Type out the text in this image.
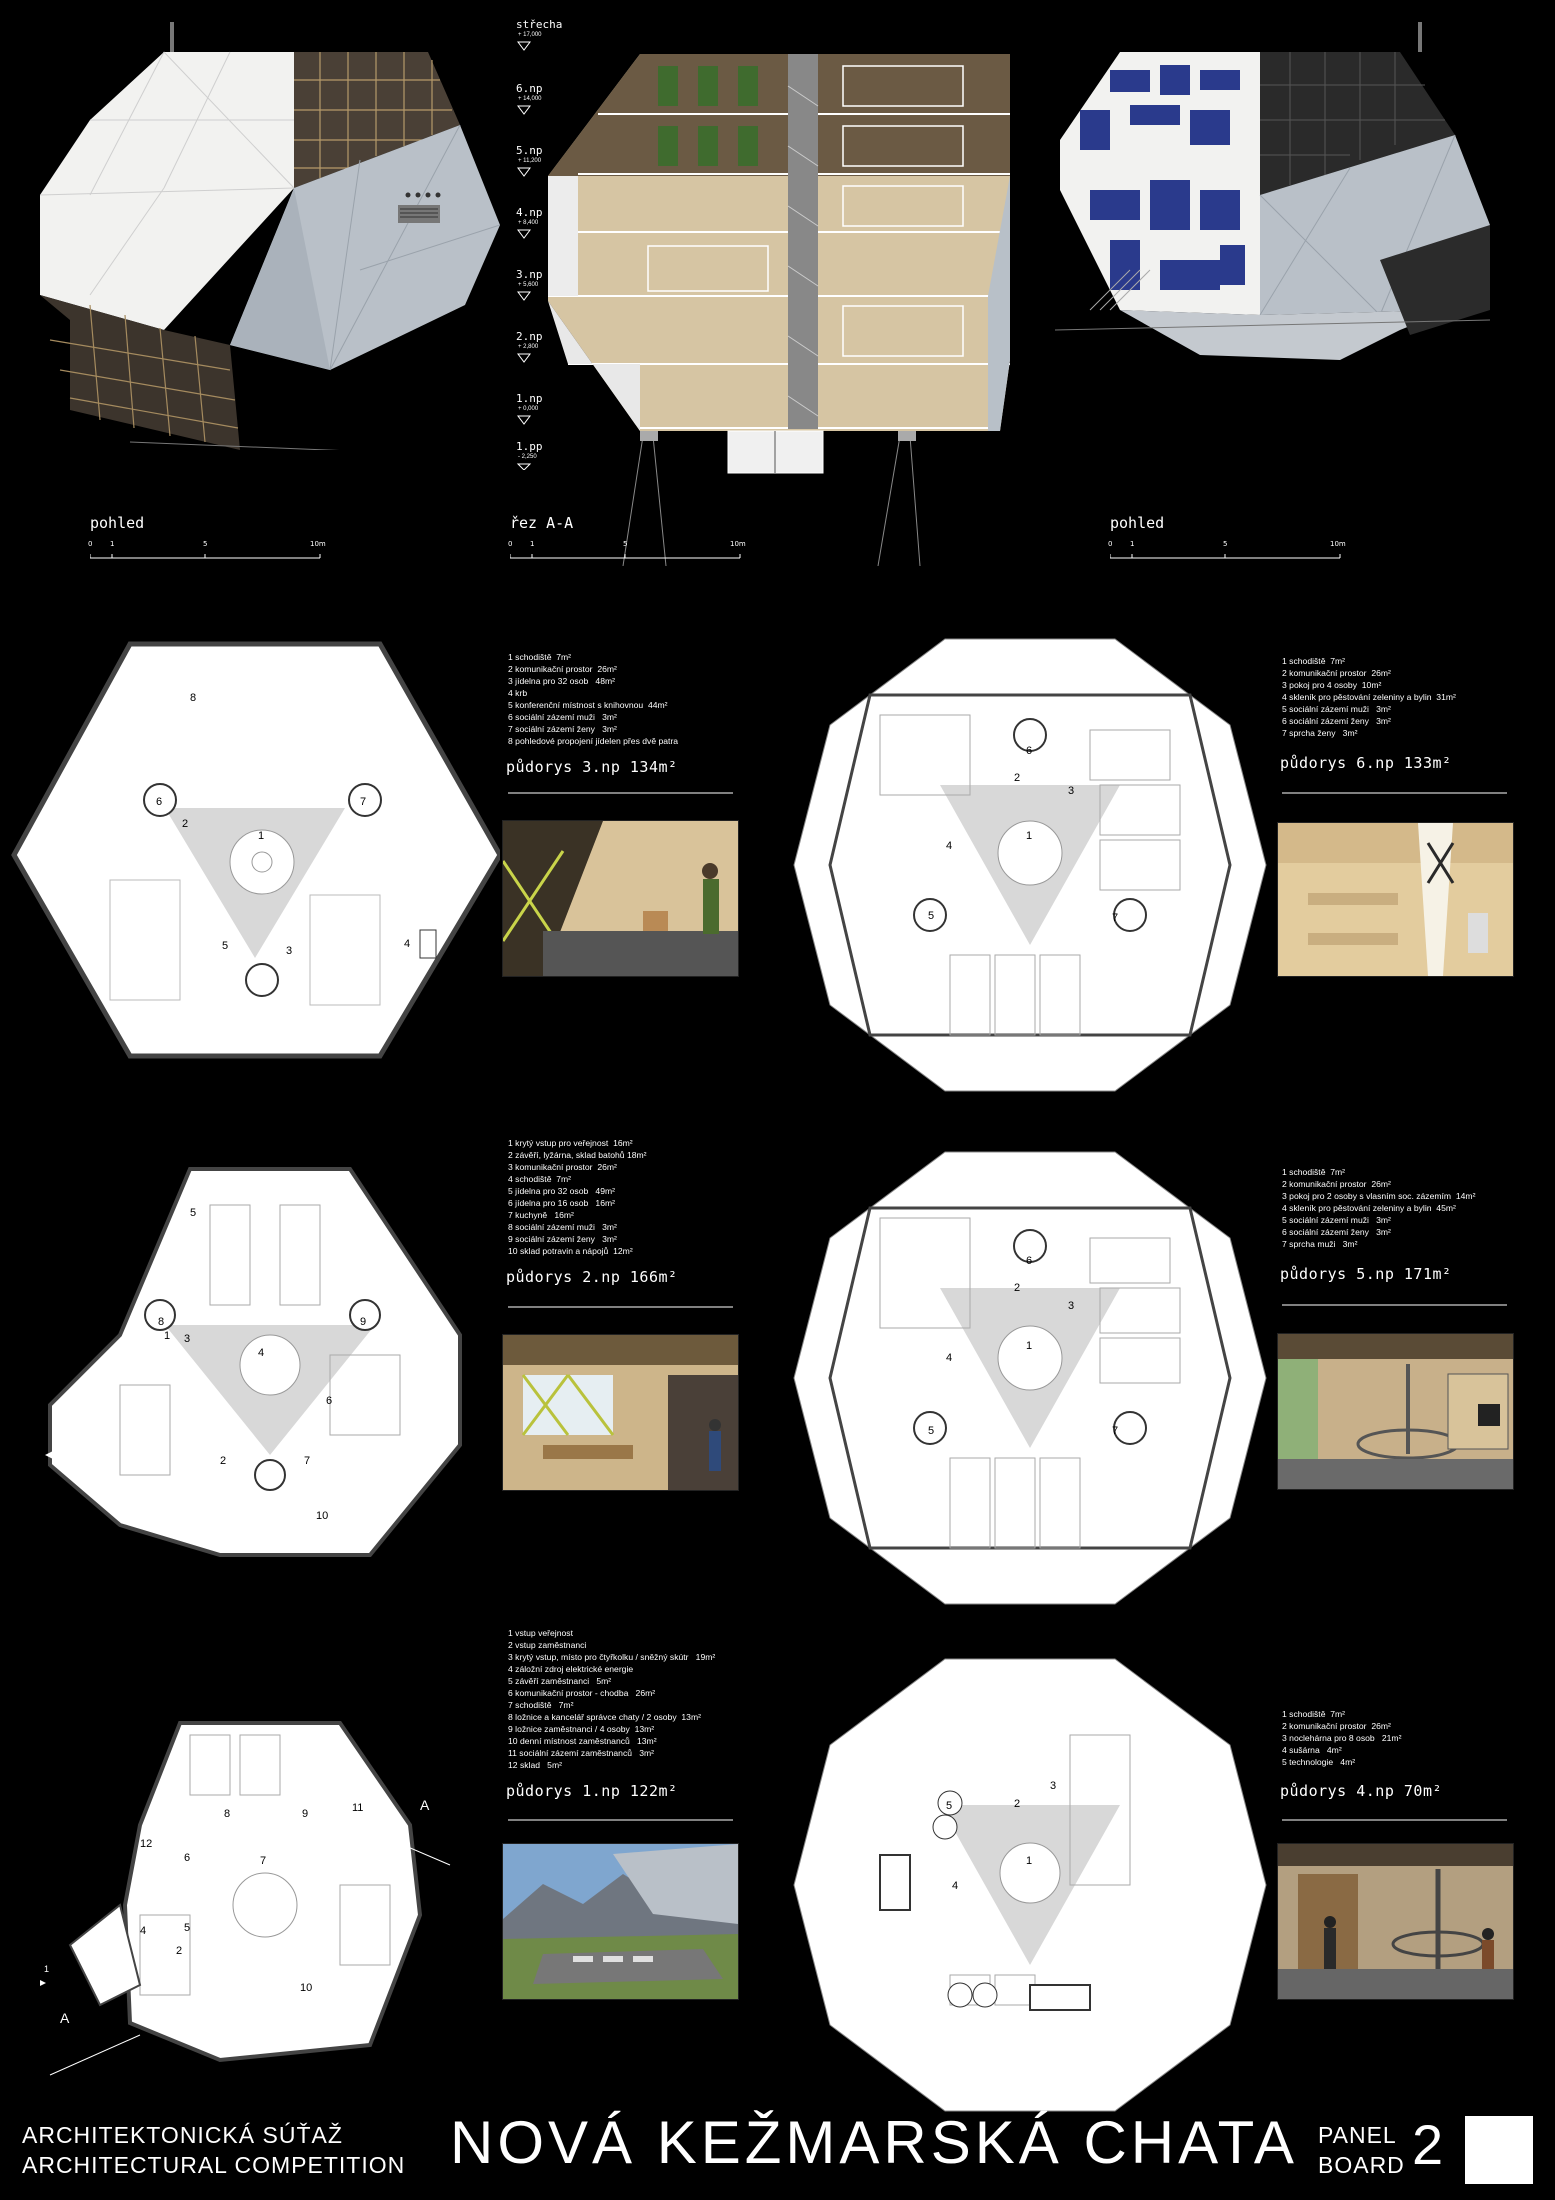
střecha
+ 17,000
6.np
+ 14,000
5.np
+ 11,200
4.np
+ 8,400
3.np
+ 5,600
2.np
+ 2,800
1.np
+ 0,000
1.pp
- 2,250
pohled	řez A-A	pohled
0	1	5	10m	0	1	5	10m	0	1	5	10m
1
2
3
4
5
6	7
8
1 schodiště  7m²
2 komunikační prostor  26m²
3 jídelna pro 32 osob   48m²
4 krb
5 konferenční místnost s knihovnou  44m²
6 sociální zázemí muži   3m²
7 sociální zázemí ženy   3m²
8 pohledové propojení jídelen přes dvě patra
půdorys 3.np 134m²
1
2
3
4
5
6
7
1 schodiště  7m²
2 komunikační prostor  26m²
3 pokoj pro 4 osoby  10m²
4 skleník pro pěstování zeleniny a bylin  31m²
5 sociální zázemí muži   3m²
6 sociální zázemí ženy   3m²
7 sprcha ženy   3m²
půdorys 6.np 133m²
1
2
3
4
5
6
7
8	9
10
1 krytý vstup pro veřejnost  16m²
2 závěří, lyžárna, sklad batohů 18m²
3 komunikační prostor  26m²
4 schodiště  7m²
5 jídelna pro 32 osob   49m²
6 jídelna pro 16 osob   16m²
7 kuchyně   16m²
8 sociální zázemí muži   3m²
9 sociální zázemí ženy   3m²
10 sklad potravin a nápojů  12m²
půdorys 2.np 166m²
1
2
3
4
5
6
7
1 schodiště  7m²
2 komunikační prostor  26m²
3 pokoj pro 2 osoby s vlasním soc. zázemím  14m²
4 skleník pro pěstování zeleniny a bylin  45m²
5 sociální zázemí muži   3m²
6 sociální zázemí ženy   3m²
7 sprcha muži   3m²
půdorys 5.np 171m²
1
2
3
4	5
6	7
8	9
10
11
12
A
A
1 vstup veřejnost
2 vstup zaměstnanci
3 krytý vstup, místo pro čtyřkolku / sněžný skútr   19m²
4 záložní zdroj elektrické energie
5 závěří zaměstnanci   5m²
6 komunikační prostor - chodba   26m²
7 schodiště   7m²
8 ložnice a kancelář správce chaty / 2 osoby  13m²
9 ložnice zaměstnanci / 4 osoby  13m²
10 denní místnost zaměstnanců   13m²
11 sociální zázemí zaměstnanců   3m²
12 sklad   5m²
půdorys 1.np 122m²
1
2
3
4
5
1 schodiště  7m²
2 komunikační prostor  26m²
3 noclehárna pro 8 osob   21m²
4 sušárna   4m²
5 technologie   4m²
půdorys 4.np 70m²
ARCHITEKTONICKÁ SÚŤAŽ
ARCHITECTURAL COMPETITION NOVÁ KEŽMARSKÁ CHATA PANEL
BOARD 2
